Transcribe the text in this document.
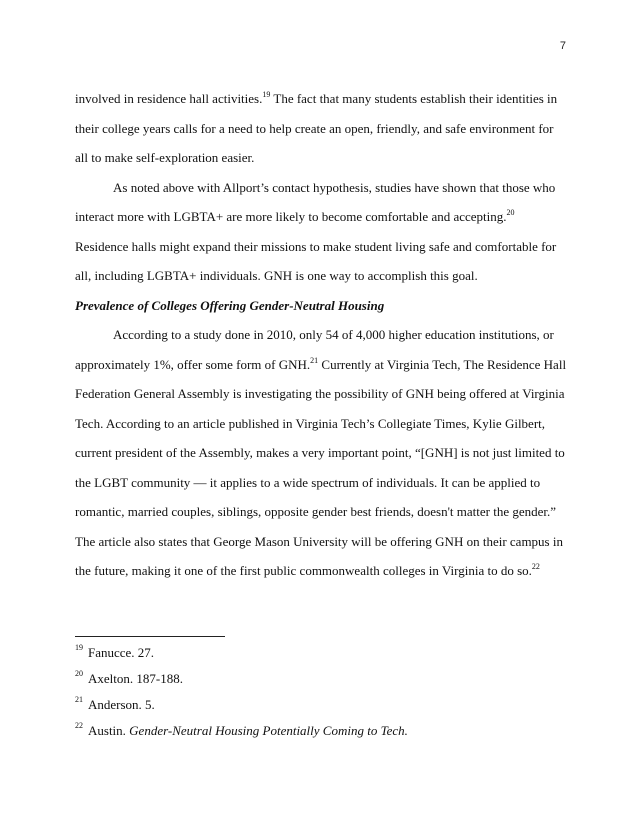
7

involved in residence hall activities.$^{19}$ The fact that many students establish their identities in their college years calls for a need to help create an open, friendly, and safe environment for all to make self-exploration easier.

As noted above with Allport’s contact hypothesis, studies have shown that those who interact more with LGBTA+ are more likely to become comfortable and accepting.$^{20}$ Residence halls might expand their missions to make student living safe and comfortable for all, including LGBTA+ individuals. GNH is one way to accomplish this goal.

Prevalence of Colleges Offering Gender-Neutral Housing

According to a study done in 2010, only 54 of 4,000 higher education institutions, or approximately 1%, offer some form of GNH.$^{21}$ Currently at Virginia Tech, The Residence Hall Federation General Assembly is investigating the possibility of GNH being offered at Virginia Tech. According to an article published in Virginia Tech’s Collegiate Times, Kylie Gilbert, current president of the Assembly, makes a very important point, “[GNH] is not just limited to the LGBT community — it applies to a wide spectrum of individuals. It can be applied to romantic, married couples, siblings, opposite gender best friends, doesn't matter the gender.” The article also states that George Mason University will be offering GNH on their campus in the future, making it one of the first public commonwealth colleges in Virginia to do so.$^{22}$

$^{19}$ Fanucce. 27.
$^{20}$ Axelton. 187-188.
$^{21}$ Anderson. 5.
$^{22}$ Austin. Gender-Neutral Housing Potentially Coming to Tech.
